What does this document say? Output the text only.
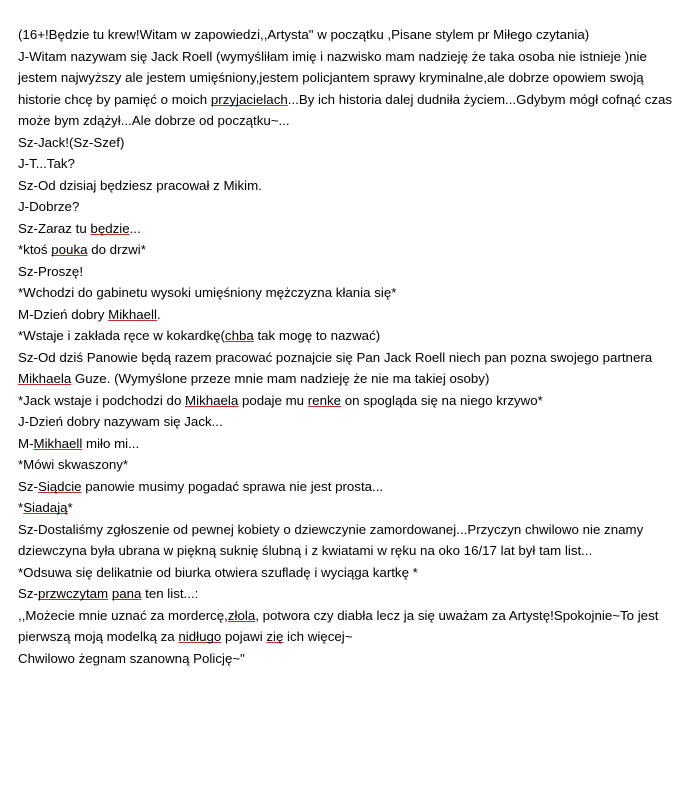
(16+!Będzie tu krew!Witam w zapowiedzi,,Artysta" w początku ,Pisane stylem pr Miłego czytania)
J-Witam nazywam się Jack Roell (wymyśliłam imię i nazwisko mam nadzieję że taka osoba nie istnieje )nie jestem najwyższy ale jestem umięśniony,jestem policjantem sprawy kryminalne,ale dobrze opowiem swoją historie chcę by pamięć o moich przyjacielach...By ich historia dalej dudniła życiem...Gdybym mógł cofnąć czas może bym zdążył...Ale dobrze od początku~...
Sz-Jack!(Sz-Szef)
J-T...Tak?
Sz-Od dzisiaj będziesz pracował z Mikim.
J-Dobrze?
Sz-Zaraz tu będzie...
*ktoś pouka do drzwi*
Sz-Proszę!
*Wchodzi do gabinetu wysoki umięśniony mężczyzna kłania się*
M-Dzień dobry Mikhaell.
*Wstaje i zakłada ręce w kokardkę(chba tak mogę to nazwać)
Sz-Od dziś Panowie będą razem pracować poznajcie się Pan Jack Roell niech pan pozna swojego partnera Mikhaela Guze. (Wymyślone przeze mnie mam nadzieję że nie ma takiej osoby)
*Jack wstaje i podchodzi do Mikhaela podaje mu renke on spogląda się na niego krzywo*
J-Dzień dobry nazywam się Jack...
M-Mikhaell miło mi...
*Mówi skwaszony*
Sz-Siądcie panowie musimy pogadać sprawa nie jest prosta...
*Siadają*
Sz-Dostaliśmy zgłoszenie od pewnej kobiety o dziewczynie zamordowanej...Przyczyn chwilowo nie znamy dziewczyna była ubrana w piękną suknię ślubną i z kwiatami w ręku na oko 16/17 lat był tam list...
*Odsuwa się delikatnie od biurka otwiera szufladę i wyciąga kartkę *
Sz-przwczytam pana ten list...:
,,Możecie mnie uznać za mordercę,złola, potwora czy diabła lecz ja się uważam za Artystę!Spokojnie~To jest pierwszą moją modelką za nidługo pojawi zię ich więcej~
Chwilowo żegnam szanowną Policję~"
